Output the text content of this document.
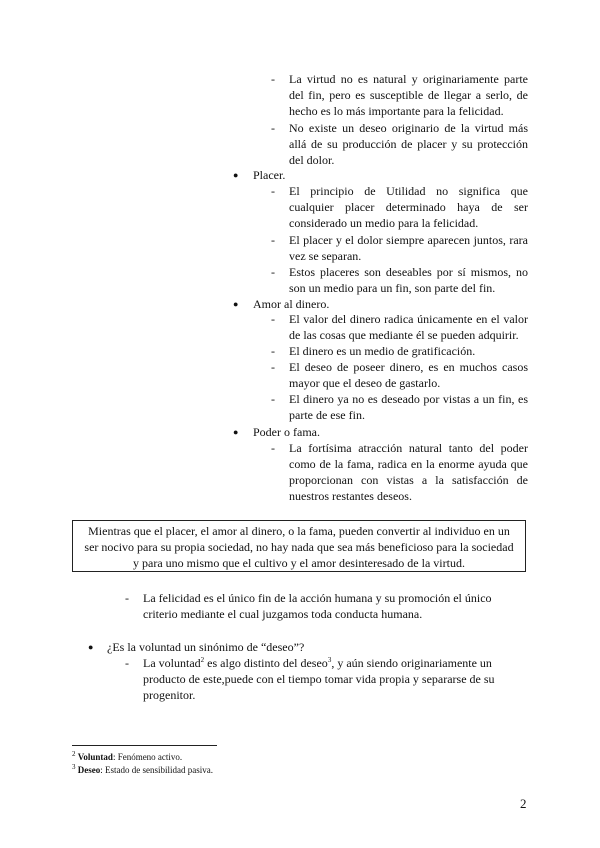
- La virtud no es natural y originariamente parte del fin, pero es susceptible de llegar a serlo, de hecho es lo más importante para la felicidad.
- No existe un deseo originario de la virtud más allá de su producción de placer y su protección del dolor.
● Placer.
- El principio de Utilidad no significa que cualquier placer determinado haya de ser considerado un medio para la felicidad.
- El placer y el dolor siempre aparecen juntos, rara vez se separan.
- Estos placeres son deseables por sí mismos, no son un medio para un fin, son parte del fin.
● Amor al dinero.
- El valor del dinero radica únicamente en el valor de las cosas que mediante él se pueden adquirir.
- El dinero es un medio de gratificación.
- El deseo de poseer dinero, es en muchos casos mayor que el deseo de gastarlo.
- El dinero ya no es deseado por vistas a un fin, es parte de ese fin.
● Poder o fama.
- La fortísima atracción natural tanto del poder como de la fama, radica en la enorme ayuda que proporcionan con vistas a la satisfacción de nuestros restantes deseos.
Mientras que el placer, el amor al dinero, o la fama, pueden convertir al individuo en un ser nocivo para su propia sociedad, no hay nada que sea más beneficioso para la sociedad y para uno mismo que el cultivo y el amor desinteresado de la virtud.
- La felicidad es el único fin de la acción humana y su promoción el único criterio mediante el cual juzgamos toda conducta humana.
● ¿Es la voluntad un sinónimo de “deseo”?
- La voluntad$^2$ es algo distinto del deseo$^3$, y aún siendo originariamente un producto de este,puede con el tiempo tomar vida propia y separarse de su progenitor.
$^2$ Voluntad: Fenómeno activo.
$^3$ Deseo: Estado de sensibilidad pasiva.
2
